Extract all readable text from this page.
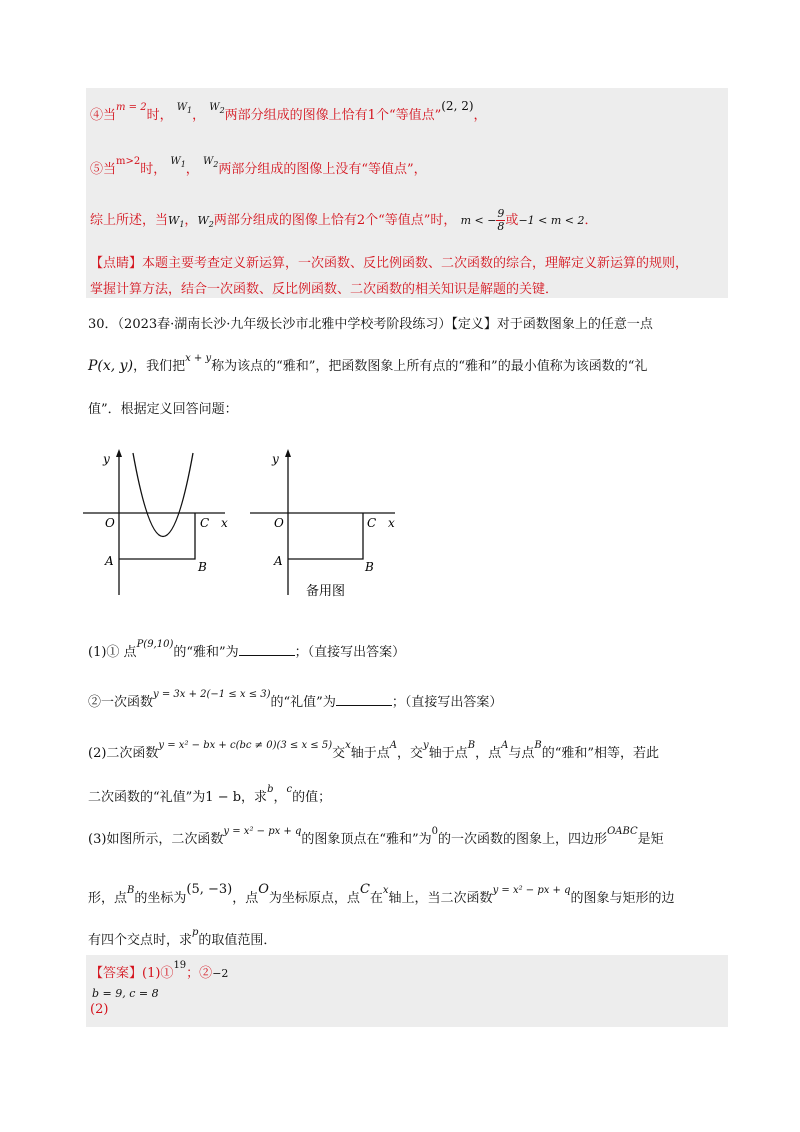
④当$^{m = 2}$时， $^{W_1}$， $^{W_2}$两部分组成的图像上恰有1个“等值点”(2, 2)，
⑤当$^{m>2}$时， $^{W_1}$， $^{W_2}$两部分组成的图像上没有“等值点”，
综上所述，当$W_1$，$W_2$两部分组成的图像上恰有2个“等值点”时， m < − $\frac{9}{8}$ 或−1 < m < 2．
【点睛】本题主要考查定义新运算，一次函数、反比例函数、二次函数的综合，理解定义新运算的规则，
掌握计算方法，结合一次函数、反比例函数、二次函数的相关知识是解题的关键．
30．（2023春·湖南长沙·九年级长沙市北雅中学校考阶段练习）【定义】对于函数图象上的任意一点
P(x, y)，我们把$^{x + y}$称为该点的“雅和”，把函数图象上所有点的“雅和”的最小值称为该函数的“礼
值”．根据定义回答问题：
y
O	C x
A	B
y
O	C x
A	B
备用图
(1)① 点$^{P(9,10)}$的“雅和”为	；（直接写出答案）
②一次函数$^{y = 3x + 2(-1 \le x \le 3)}$的“礼值”为	；（直接写出答案）
(2)二次函数$^{y = x^2 - bx + c(bc \ne 0)(3 \le x \le 5)}$交$^x$轴于点$^A$，交$^y$轴于点$^B$，点$^A$与点$^B$的“雅和”相等，若此
二次函数的“礼值”为1 − b，求$^b$，$^c$的值；
(3)如图所示，二次函数$^{y = x^2 - px + q}$的图象顶点在“雅和”为$^0$的一次函数的图象上，四边形$^{OABC}$是矩
形，点$^B$的坐标为(5, −3)，点O为坐标原点，点C在$^x$轴上，当二次函数$^{y = x^2 - px + q}$的图象与矩形的边
有四个交点时，求$^p$的取值范围．
【答案】(1)①$^{19}$；②−2
b = 9, c = 8
(2)
